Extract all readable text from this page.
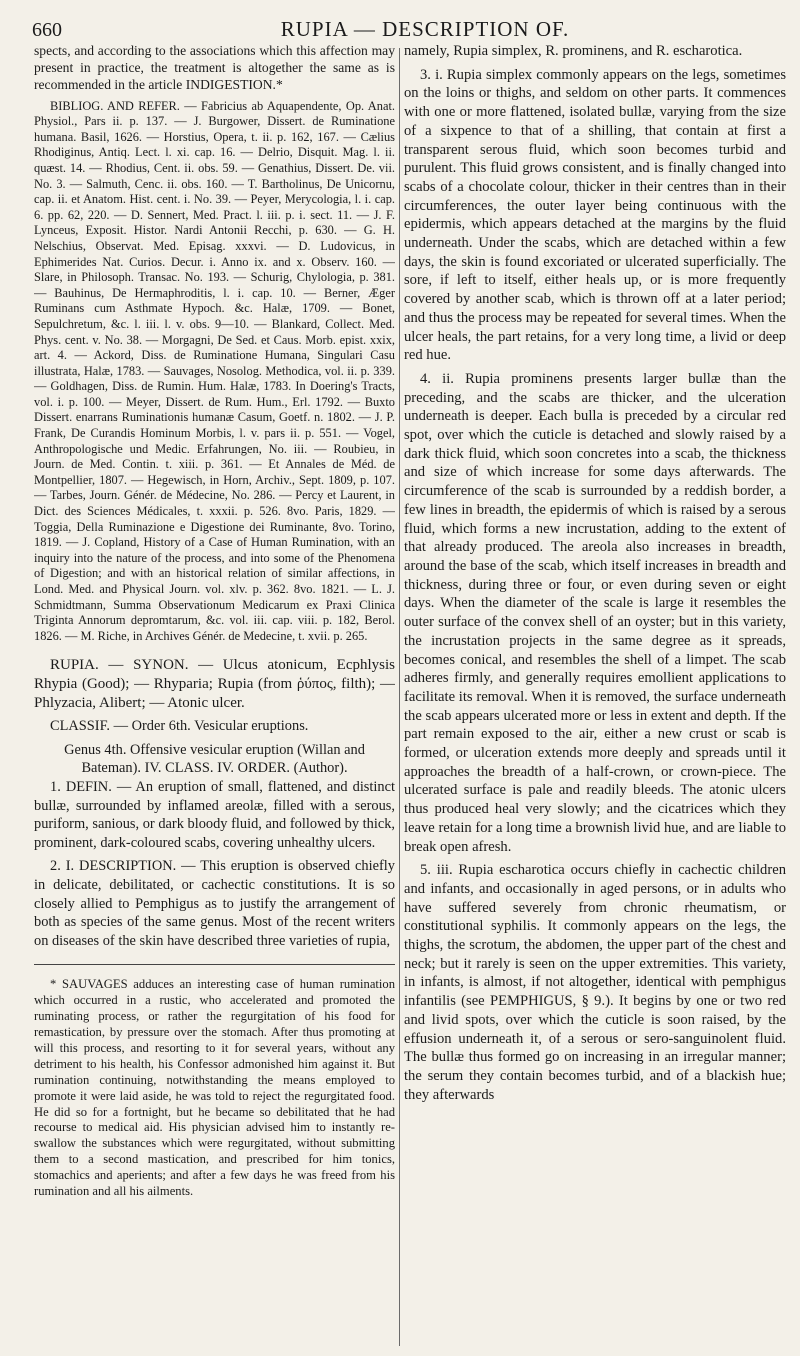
660	RUPIA — DESCRIPTION OF.

spects, and according to the associations which this affection may present in practice, the treatment is altogether the same as is recommended in the article INDIGESTION.*

BIBLIOG. AND REFER. — Fabricius ab Aquapendente, Op. Anat. Physiol., Pars ii. p. 137. — J. Burgower, Dissert. de Ruminatione humana. Basil, 1626. — Horstius, Opera, t. ii. p. 162, 167. — Cælius Rhodiginus, Antiq. Lect. l. xi. cap. 16. — Delrio, Disquit. Mag. l. ii. quæst. 14. — Rhodius, Cent. ii. obs. 59. — Genathius, Dissert. De. vii. No. 3. — Salmuth, Cenc. ii. obs. 160. — T. Bartholinus, De Unicornu, cap. ii. et Anatom. Hist. cent. i. No. 39. — Peyer, Merycologia, l. i. cap. 6. pp. 62, 220. — D. Sennert, Med. Pract. l. iii. p. i. sect. 11. — J. F. Lynceus, Exposit. Histor. Nardi Antonii Recchi, p. 630. — G. H. Nelschius, Observat. Med. Episag. xxxvi. — D. Ludovicus, in Ephimerides Nat. Curios. Decur. i. Anno ix. and x. Observ. 160. — Slare, in Philosoph. Transac. No. 193. — Schurig, Chylologia, p. 381. — Bauhinus, De Hermaphroditis, l. i. cap. 10. — Berner, Æger Ruminans cum Asthmate Hypoch. &c. Halæ, 1709. — Bonet, Sepulchretum, &c. l. iii. l. v. obs. 9—10. — Blankard, Collect. Med. Phys. cent. v. No. 38. — Morgagni, De Sed. et Caus. Morb. epist. xxix, art. 4. — Ackord, Diss. de Ruminatione Humana, Singulari Casu illustrata, Halæ, 1783. — Sauvages, Nosolog. Methodica, vol. ii. p. 339. — Goldhagen, Diss. de Rumin. Hum. Halæ, 1783. In Doering's Tracts, vol. i. p. 100. — Meyer, Dissert. de Rum. Hum., Erl. 1792. — Buxto Dissert. enarrans Ruminationis humanæ Casum, Goetf. n. 1802. — J. P. Frank, De Curandis Hominum Morbis, l. v. pars ii. p. 551. — Vogel, Anthropologische und Medic. Erfahrungen, No. iii. — Roubieu, in Journ. de Med. Contin. t. xiii. p. 361. — Et Annales de Méd. de Montpellier, 1807. — Hegewisch, in Horn, Archiv., Sept. 1809, p. 107. — Tarbes, Journ. Génér. de Médecine, No. 286. — Percy et Laurent, in Dict. des Sciences Médicales, t. xxxii. p. 526. 8vo. Paris, 1829. — Toggia, Della Ruminazione e Digestione dei Ruminante, 8vo. Torino, 1819. — J. Copland, History of a Case of Human Rumination, with an inquiry into the nature of the process, and into some of the Phenomena of Digestion; and with an historical relation of similar affections, in Lond. Med. and Physical Journ. vol. xlv. p. 362. 8vo. 1821. — L. J. Schmidtmann, Summa Observationum Medicarum ex Praxi Clinica Triginta Annorum depromtarum, &c. vol. iii. cap. viii. p. 182, Berol. 1826. — M. Riche, in Archives Génér. de Medecine, t. xvii. p. 265.

RUPIA. — SYNON. — Ulcus atonicum, Ecphlysis Rhypia (Good); — Rhyparia; Rupia (from ῥύπος, filth); — Phlyzacia, Alibert; — Atonic ulcer.

CLASSIF. — Order 6th. Vesicular eruptions.

Genus 4th. Offensive vesicular eruption (Willan and Bateman). IV. CLASS. IV. ORDER. (Author).

1. DEFIN. — An eruption of small, flattened, and distinct bullæ, surrounded by inflamed areolæ, filled with a serous, puriform, sanious, or dark bloody fluid, and followed by thick, prominent, dark-coloured scabs, covering unhealthy ulcers.

2. I. DESCRIPTION. — This eruption is observed chiefly in delicate, debilitated, or cachectic constitutions. It is so closely allied to Pemphigus as to justify the arrangement of both as species of the same genus. Most of the recent writers on diseases of the skin have described three varieties of rupia,

* SAUVAGES adduces an interesting case of human rumination which occurred in a rustic, who accelerated and promoted the ruminating process, or rather the regurgitation of his food for remastication, by pressure over the stomach. After thus promoting at will this process, and resorting to it for several years, without any detriment to his health, his Confessor admonished him against it. But rumination continuing, notwithstanding the means employed to promote it were laid aside, he was told to reject the regurgitated food. He did so for a fortnight, but he became so debilitated that he had recourse to medical aid. His physician advised him to instantly re-swallow the substances which were regurgitated, without submitting them to a second mastication, and prescribed for him tonics, stomachics and aperients; and after a few days he was freed from his rumination and all his ailments.

namely, Rupia simplex, R. prominens, and R. escharotica.

3. i. Rupia simplex commonly appears on the legs, sometimes on the loins or thighs, and seldom on other parts. It commences with one or more flattened, isolated bullæ, varying from the size of a sixpence to that of a shilling, that contain at first a transparent serous fluid, which soon becomes turbid and purulent. This fluid grows consistent, and is finally changed into scabs of a chocolate colour, thicker in their centres than in their circumferences, the outer layer being continuous with the epidermis, which appears detached at the margins by the fluid underneath. Under the scabs, which are detached within a few days, the skin is found excoriated or ulcerated superficially. The sore, if left to itself, either heals up, or is more frequently covered by another scab, which is thrown off at a later period; and thus the process may be repeated for several times. When the ulcer heals, the part retains, for a very long time, a livid or deep red hue.

4. ii. Rupia prominens presents larger bullæ than the preceding, and the scabs are thicker, and the ulceration underneath is deeper. Each bulla is preceded by a circular red spot, over which the cuticle is detached and slowly raised by a dark thick fluid, which soon concretes into a scab, the thickness and size of which increase for some days afterwards. The circumference of the scab is surrounded by a reddish border, a few lines in breadth, the epidermis of which is raised by a serous fluid, which forms a new incrustation, adding to the extent of that already produced. The areola also increases in breadth, around the base of the scab, which itself increases in breadth and thickness, during three or four, or even during seven or eight days. When the diameter of the scale is large it resembles the outer surface of the convex shell of an oyster; but in this variety, the incrustation projects in the same degree as it spreads, becomes conical, and resembles the shell of a limpet. The scab adheres firmly, and generally requires emollient applications to facilitate its removal. When it is removed, the surface underneath the scab appears ulcerated more or less in extent and depth. If the part remain exposed to the air, either a new crust or scab is formed, or ulceration extends more deeply and spreads until it approaches the breadth of a half-crown, or crown-piece. The ulcerated surface is pale and readily bleeds. The atonic ulcers thus produced heal very slowly; and the cicatrices which they leave retain for a long time a brownish livid hue, and are liable to break open afresh.

5. iii. Rupia escharotica occurs chiefly in cachectic children and infants, and occasionally in aged persons, or in adults who have suffered severely from chronic rheumatism, or constitutional syphilis. It commonly appears on the legs, the thighs, the scrotum, the abdomen, the upper part of the chest and neck; but it rarely is seen on the upper extremities. This variety, in infants, is almost, if not altogether, identical with pemphigus infantilis (see PEMPHIGUS, § 9.). It begins by one or two red and livid spots, over which the cuticle is soon raised, by the effusion underneath it, of a serous or sero-sanguinolent fluid. The bullæ thus formed go on increasing in an irregular manner; the serum they contain becomes turbid, and of a blackish hue; they afterwards
